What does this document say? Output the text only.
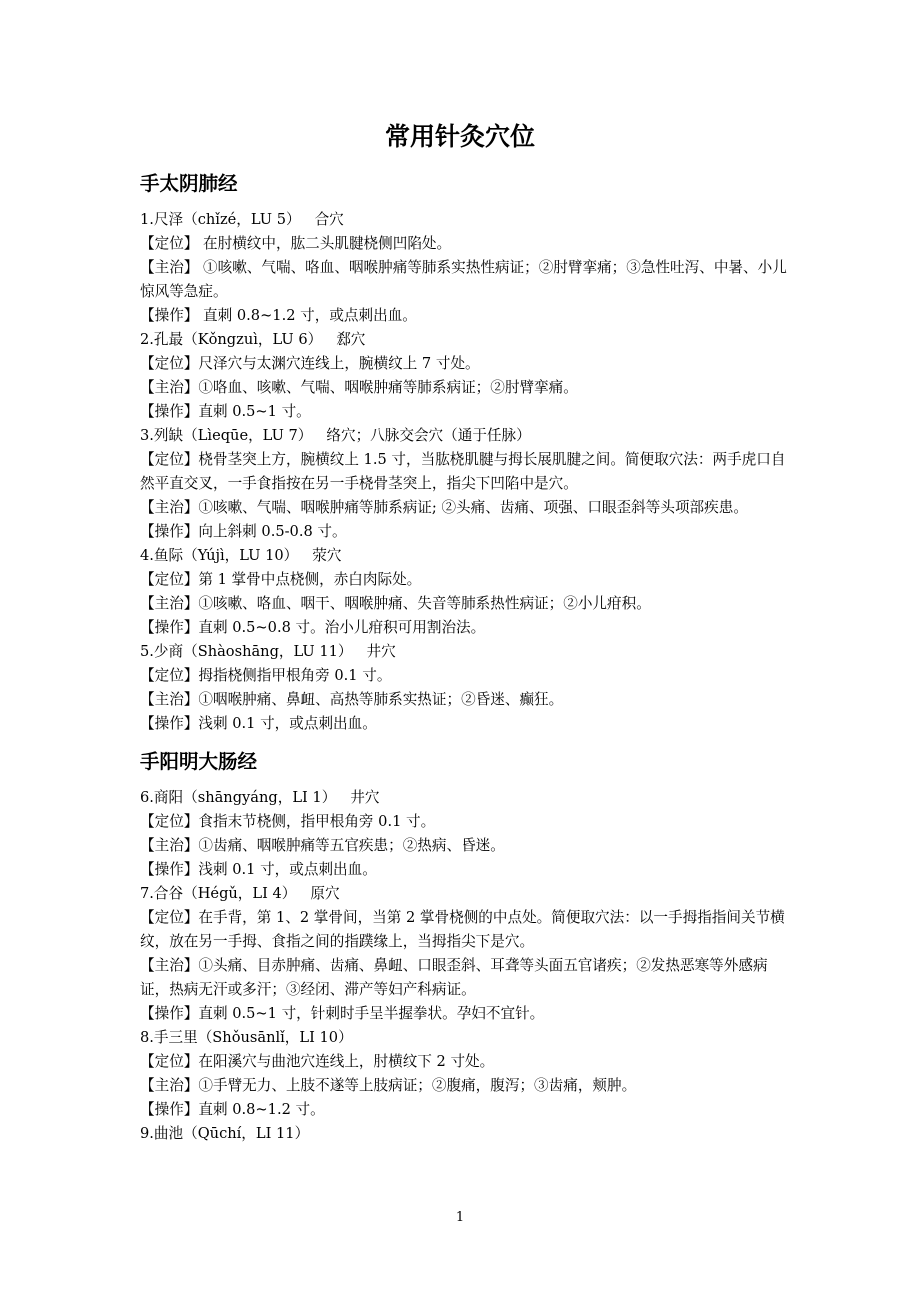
常用针灸穴位
手太阴肺经
1.尺泽（chǐzé，LU 5） 合穴
【定位】 在肘横纹中，肱二头肌腱桡侧凹陷处。
【主治】 ①咳嗽、气喘、咯血、咽喉肿痛等肺系实热性病证；②肘臂挛痛；③急性吐泻、中暑、小儿惊风等急症。
【操作】 直刺 0.8~1.2 寸，或点刺出血。
2.孔最（Kǒngzuì，LU 6） 郄穴
【定位】尺泽穴与太渊穴连线上，腕横纹上 7 寸处。
【主治】①咯血、咳嗽、气喘、咽喉肿痛等肺系病证；②肘臂挛痛。
【操作】直刺 0.5~1 寸。
3.列缺（Lìeqūe，LU 7） 络穴；八脉交会穴（通于任脉）
【定位】桡骨茎突上方，腕横纹上 1.5 寸，当肱桡肌腱与拇长展肌腱之间。简便取穴法：两手虎口自然平直交叉，一手食指按在另一手桡骨茎突上，指尖下凹陷中是穴。
【主治】①咳嗽、气喘、咽喉肿痛等肺系病证; ②头痛、齿痛、项强、口眼歪斜等头项部疾患。
【操作】向上斜刺 0.5-0.8 寸。
4.鱼际（Yújì，LU 10） 荥穴
【定位】第 1 掌骨中点桡侧，赤白肉际处。
【主治】①咳嗽、咯血、咽干、咽喉肿痛、失音等肺系热性病证；②小儿疳积。
【操作】直刺 0.5~0.8 寸。治小儿疳积可用割治法。
5.少商（Shàoshāng，LU 11） 井穴
【定位】拇指桡侧指甲根角旁 0.1 寸。
【主治】①咽喉肿痛、鼻衄、高热等肺系实热证；②昏迷、癫狂。
【操作】浅刺 0.1 寸，或点刺出血。
手阳明大肠经
6.商阳（shāngyáng，LI 1） 井穴
【定位】食指末节桡侧，指甲根角旁 0.1 寸。
【主治】①齿痛、咽喉肿痛等五官疾患；②热病、昏迷。
【操作】浅刺 0.1 寸，或点刺出血。
7.合谷（Hégǔ，LI 4） 原穴
【定位】在手背，第 1、2 掌骨间，当第 2 掌骨桡侧的中点处。简便取穴法：以一手拇指指间关节横纹，放在另一手拇、食指之间的指蹼缘上，当拇指尖下是穴。
【主治】①头痛、目赤肿痛、齿痛、鼻衄、口眼歪斜、耳聋等头面五官诸疾；②发热恶寒等外感病证，热病无汗或多汗；③经闭、滞产等妇产科病证。
【操作】直刺 0.5~1 寸，针刺时手呈半握拳状。孕妇不宜针。
8.手三里（Shǒusānlǐ，LI 10）
【定位】在阳溪穴与曲池穴连线上，肘横纹下 2 寸处。
【主治】①手臂无力、上肢不遂等上肢病证；②腹痛，腹泻；③齿痛，颊肿。
【操作】直刺 0.8~1.2 寸。
9.曲池（Qūchí，LI 11）
1
